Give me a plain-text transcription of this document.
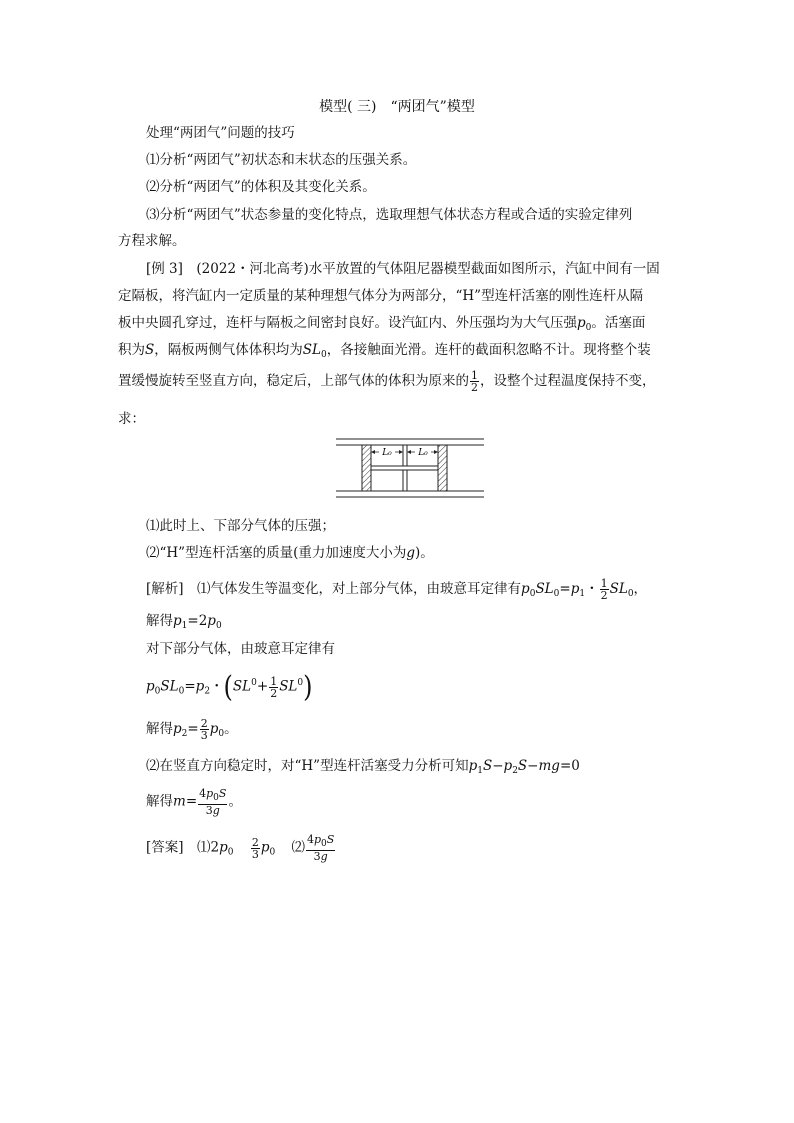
模型( 三)　“两团气”模型
处理“两团气”问题的技巧
⑴分析“两团气”初状态和末状态的压强关系。
⑵分析“两团气”的体积及其变化关系。
⑶分析“两团气”状态参量的变化特点，选取理想气体状态方程或合适的实验定律列
方程求解。
[例 3]　(2022・河北高考)水平放置的气体阻尼器模型截面如图所示，汽缸中间有一固
定隔板，将汽缸内一定质量的某种理想气体分为两部分，“H”型连杆活塞的刚性连杆从隔
板中央圆孔穿过，连杆与隔板之间密封良好。设汽缸内、外压强均为大气压强$p_0$。活塞面
积为S，隔板两侧气体体积均为$SL_0$，各接触面光滑。连杆的截面积忽略不计。现将整个装
置缓慢旋转至竖直方向，稳定后，上部气体的体积为原来的 $\frac{1}{2}$ ，设整个过程温度保持不变，
求：
L₀	L₀
⑴此时上、下部分气体的压强；
⑵“H”型连杆活塞的质量(重力加速度大小为g)。
[解析]　⑴气体发生等温变化，对上部分气体，由玻意耳定律有$p_0SL_0=p_1$・ $\frac{1}{2} SL_0$，
解得$p_1=2p_0$
对下部分气体，由玻意耳定律有
$p_0SL_0=p_2$・$(SL^0+ \frac{1}{2} SL^0)$
解得$p_2= \frac{2}{3} p_0$。
⑵在竖直方向稳定时，对“H”型连杆活塞受力分析可知$p_1S-p_2S-mg=0$
解得$m= \frac{4p_0S}{3g}$ 。
[答案]　$⑴2p_0 \frac{2}{3} p_0$ ⑵ $\frac{4p_0S}{3g}$
